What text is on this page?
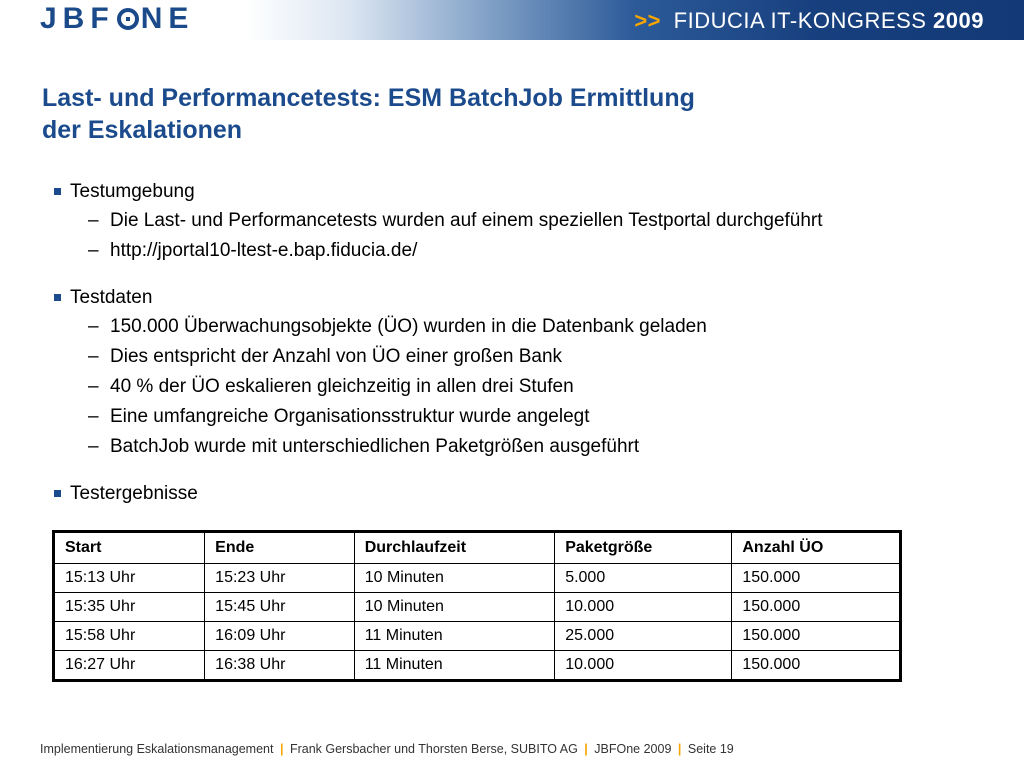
JBF NE	>> FIDUCIA IT-KONGRESS 2009
Last- und Performancetests: ESM BatchJob Ermittlung
der Eskalationen
Testumgebung
– Die Last- und Performancetests wurden auf einem speziellen Testportal durchgeführt
– http://jportal10-ltest-e.bap.fiducia.de/
Testdaten
– 150.000 Überwachungsobjekte (ÜO) wurden in die Datenbank geladen
– Dies entspricht der Anzahl von ÜO einer großen Bank
– 40 % der ÜO eskalieren gleichzeitig in allen drei Stufen
– Eine umfangreiche Organisationsstruktur wurde angelegt
– BatchJob wurde mit unterschiedlichen Paketgrößen ausgeführt
Testergebnisse
Start	Ende	Durchlaufzeit	Paketgröße	Anzahl ÜO
15:13 Uhr	15:23 Uhr	10 Minuten	5.000	150.000
15:35 Uhr	15:45 Uhr	10 Minuten	10.000	150.000
15:58 Uhr	16:09 Uhr	11 Minuten	25.000	150.000
16:27 Uhr	16:38 Uhr	11 Minuten	10.000	150.000
Implementierung Eskalationsmanagement | Frank Gersbacher und Thorsten Berse, SUBITO AG | JBFOne 2009 | Seite 19
